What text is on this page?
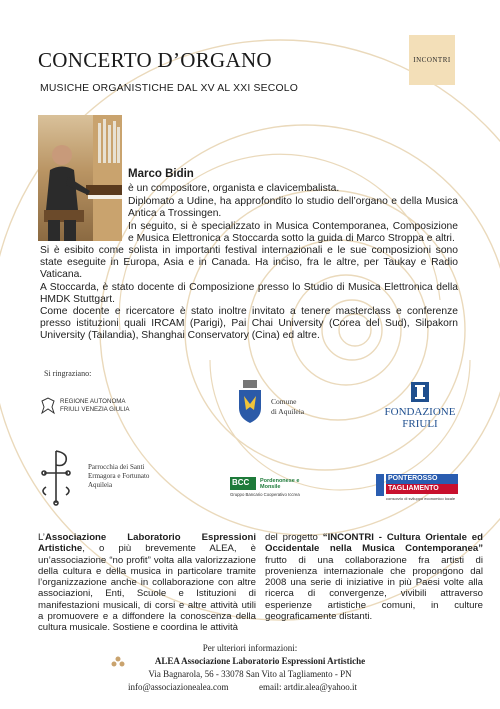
CONCERTO D’ORGANO
MUSICHE ORGANISTICHE DAL XV AL XXI SECOLO
INCONTRI
Marco Bidin
è un compositore, organista e clavicembalista.
Diplomato a Udine, ha approfondito lo studio dell’organo e della Musica Antica a Trossingen.
In seguito, si è specializzato in Musica Contemporanea, Composizione e Musica Elettronica a Stoccarda sotto la guida di Marco Stroppa e altri.
Si è esibito come solista in importanti festival internazionali e le sue composizioni sono state eseguite in Europa, Asia e in Canada. Ha inciso, fra le altre, per Taukay e Radio Vaticana.
A Stoccarda, è stato docente di Composizione presso lo Studio di Musica Elettronica della HMDK Stuttgart.
Come docente e ricercatore è stato inoltre invitato a tenere masterclass e conferenze presso istituzioni quali IRCAM (Parigi), Pai Chai University (Corea del Sud), Silpakorn University (Tailandia), Shanghai Conservatory (Cina) ed altre.
Si ringraziano:
REGIONE AUTONOMA
FRIULI VENEZIA GIULIA
Comune
di Aquileia	FONDAZIONE
FRIULI
Parrocchia dei Santi
Ermagora e Fortunato
Aquileia	BCC Pordenonese e Monsile
Gruppo Bancario Cooperativo Iccrea
PONTEROSSO
TAGLIAMENTO
consorzio di sviluppo economico locale
L’Associazione Laboratorio Espressioni Artistiche, o più brevemente ALEA, è un’associazione “no profit” volta alla valorizzazione della cultura e della musica in particolare tramite l’organizzazione anche in collaborazione con altre associazioni, Enti, Scuole e Istituzioni di manifestazioni musicali, di corsi e altre attività utili a promuovere e a diffondere la conoscenza della cultura musicale. Sostiene e coordina le attività
del progetto “INCONTRI - Cultura Orientale ed Occidentale nella Musica Contemporanea” frutto di una collaborazione fra artisti di provenienza internazionale che propongono dal 2008 una serie di iniziative in più Paesi volte alla ricerca di convergenze, vivibili attraverso esperienze artistiche comuni, in culture geograficamente distanti.
Per ulteriori informazioni:
ALEA Associazione Laboratorio Espressioni Artistiche
Via Bagnarola, 56 - 33078 San Vito al Tagliamento - PN
info@associazionealea.com	email: artdir.alea@yahoo.it
